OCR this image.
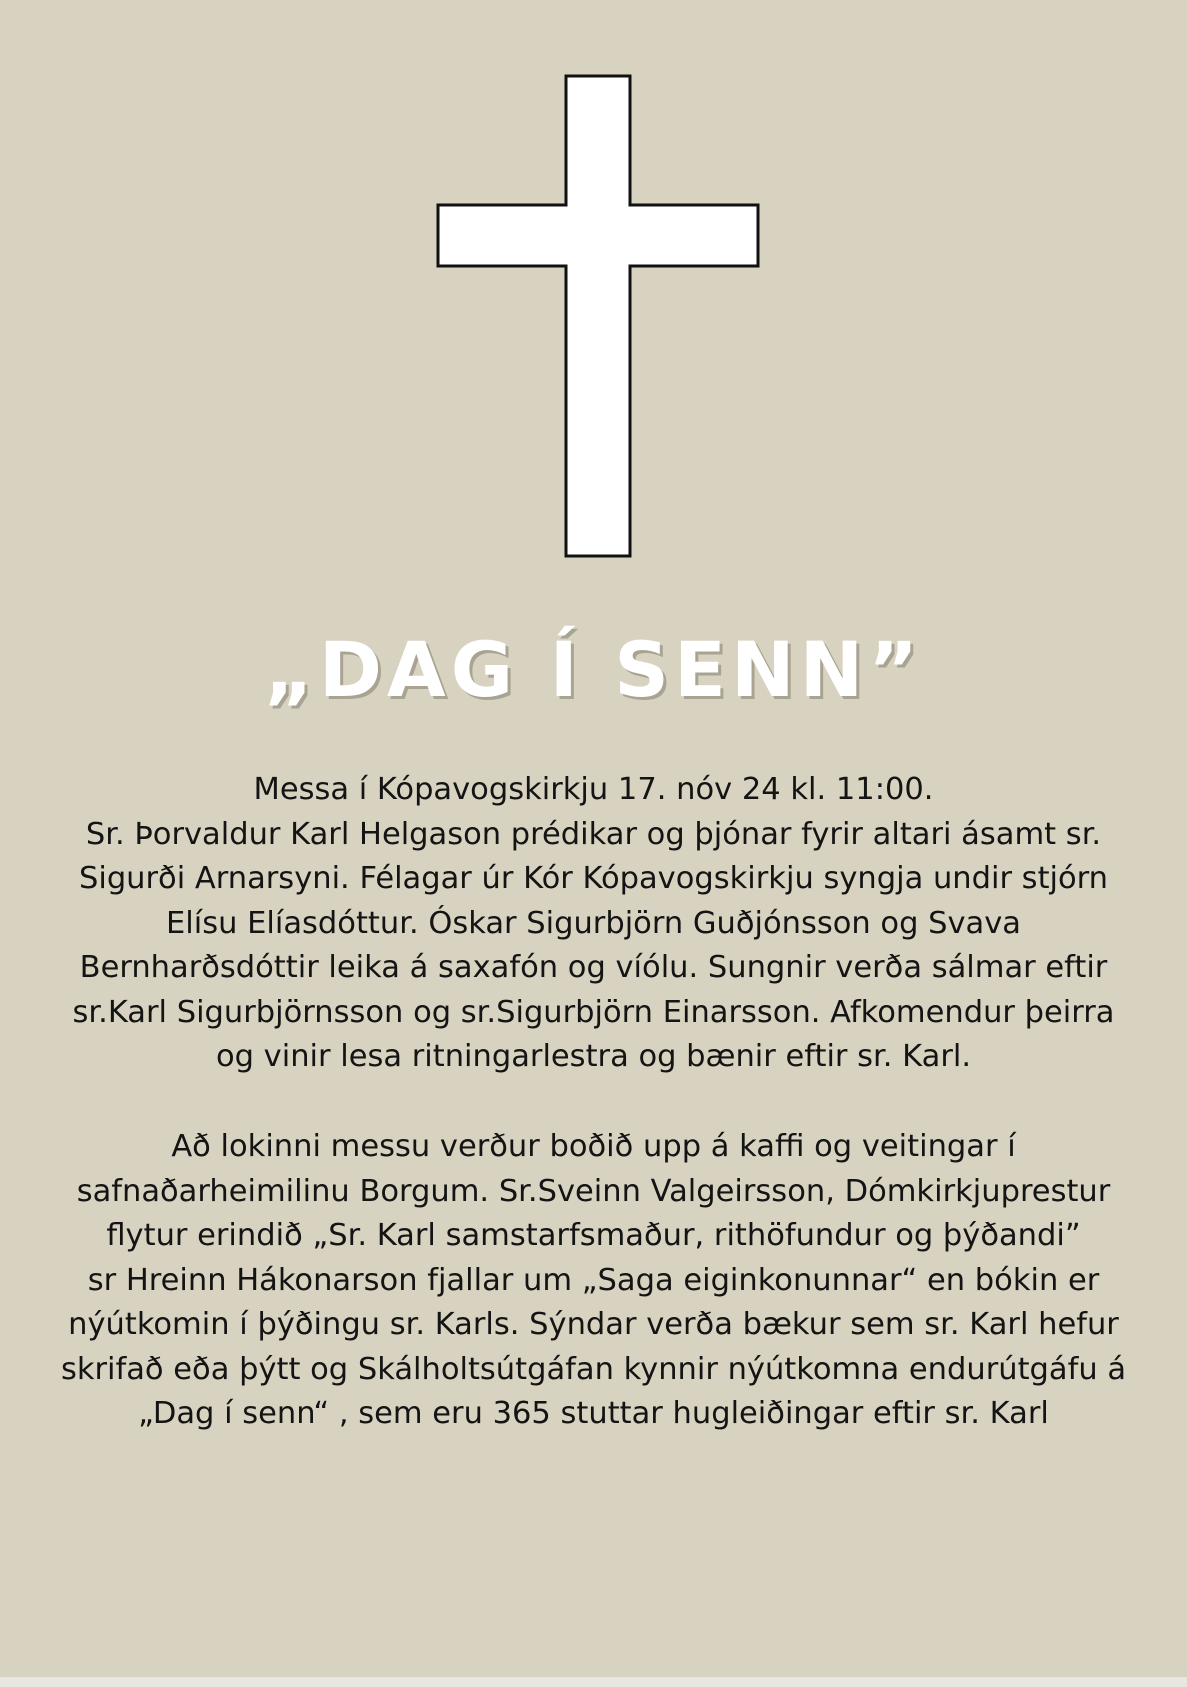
„DAG Í SENN”
Messa í Kópavogskirkju 17. nóv 24 kl. 11:00.
Sr. Þorvaldur Karl Helgason prédikar og þjónar fyrir altari ásamt sr.
Sigurði Arnarsyni. Félagar úr Kór Kópavogskirkju syngja undir stjórn
Elísu Elíasdóttur. Óskar Sigurbjörn Guðjónsson og Svava
Bernharðsdóttir leika á saxafón og víólu. Sungnir verða sálmar eftir
sr.Karl Sigurbjörnsson og sr.Sigurbjörn Einarsson. Afkomendur þeirra
og vinir lesa ritningarlestra og bænir eftir sr. Karl.
Að lokinni messu verður boðið upp á kaffi og veitingar í
safnaðarheimilinu Borgum. Sr.Sveinn Valgeirsson, Dómkirkjuprestur
flytur erindið „Sr. Karl samstarfsmaður, rithöfundur og þýðandi”
sr Hreinn Hákonarson fjallar um „Saga eiginkonunnar“ en bókin er
nýútkomin í þýðingu sr. Karls. Sýndar verða bækur sem sr. Karl hefur
skrifað eða þýtt og Skálholtsútgáfan kynnir nýútkomna endurútgáfu á
„Dag í senn“ , sem eru 365 stuttar hugleiðingar eftir sr. Karl
